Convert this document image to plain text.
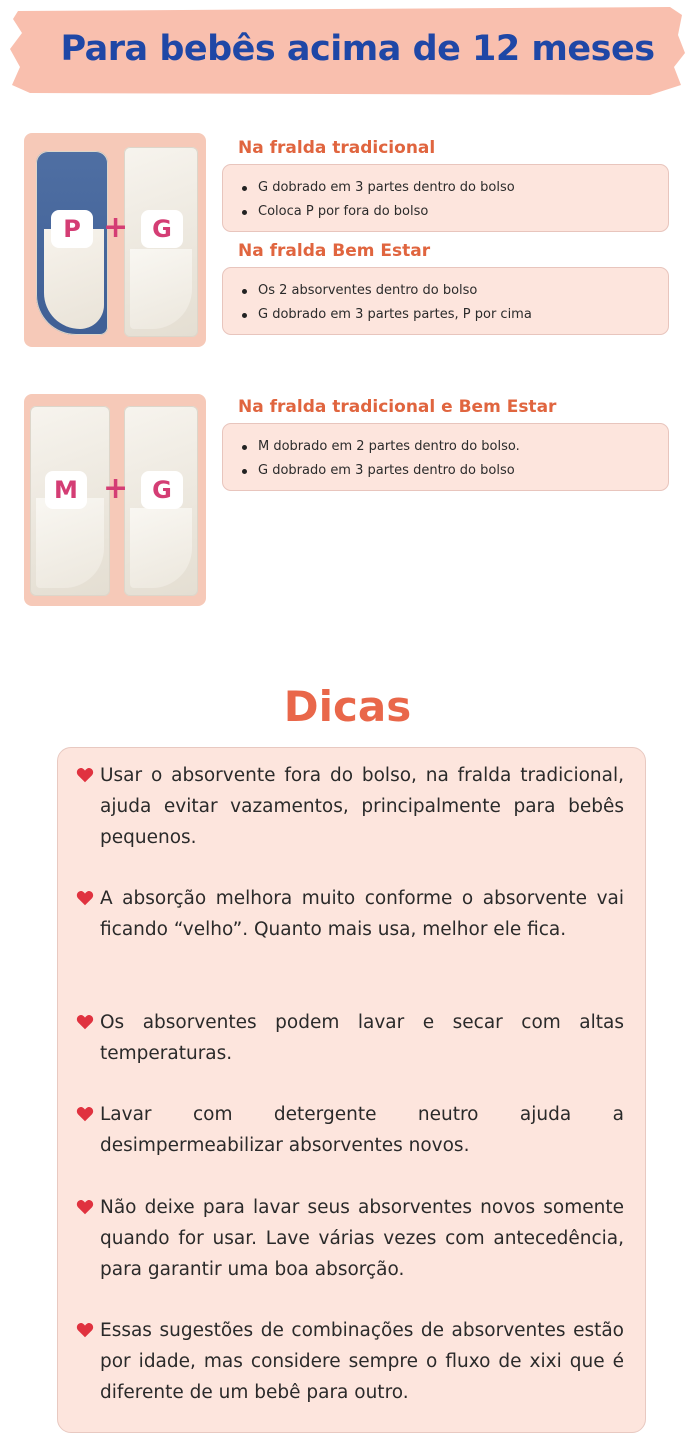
Para bebês acima de 12 meses
P +	G
Na fralda tradicional
G dobrado em 3 partes dentro do bolso
Coloca P por fora do bolso
Na fralda Bem Estar
Os 2 absorventes dentro do bolso
G dobrado em 3 partes partes, P por cima
M +	G
Na fralda tradicional e Bem Estar
M dobrado em 2 partes dentro do bolso.
G dobrado em 3 partes dentro do bolso
Dicas

Usar o absorvente fora do bolso, na fralda tradicional, ajuda evitar vazamentos, principalmente para bebês pequenos.

A absorção melhora muito conforme o absorvente vai ficando “velho”. Quanto mais usa, melhor ele fica.

Os absorventes podem lavar e secar com altas temperaturas.

Lavar com detergente neutro ajuda a desimpermeabilizar absorventes novos.

Não deixe para lavar seus absorventes novos somente quando for usar. Lave várias vezes com antecedência, para garantir uma boa absorção.

Essas sugestões de combinações de absorventes estão por idade, mas considere sempre o fluxo de xixi que é diferente de um bebê para outro.
